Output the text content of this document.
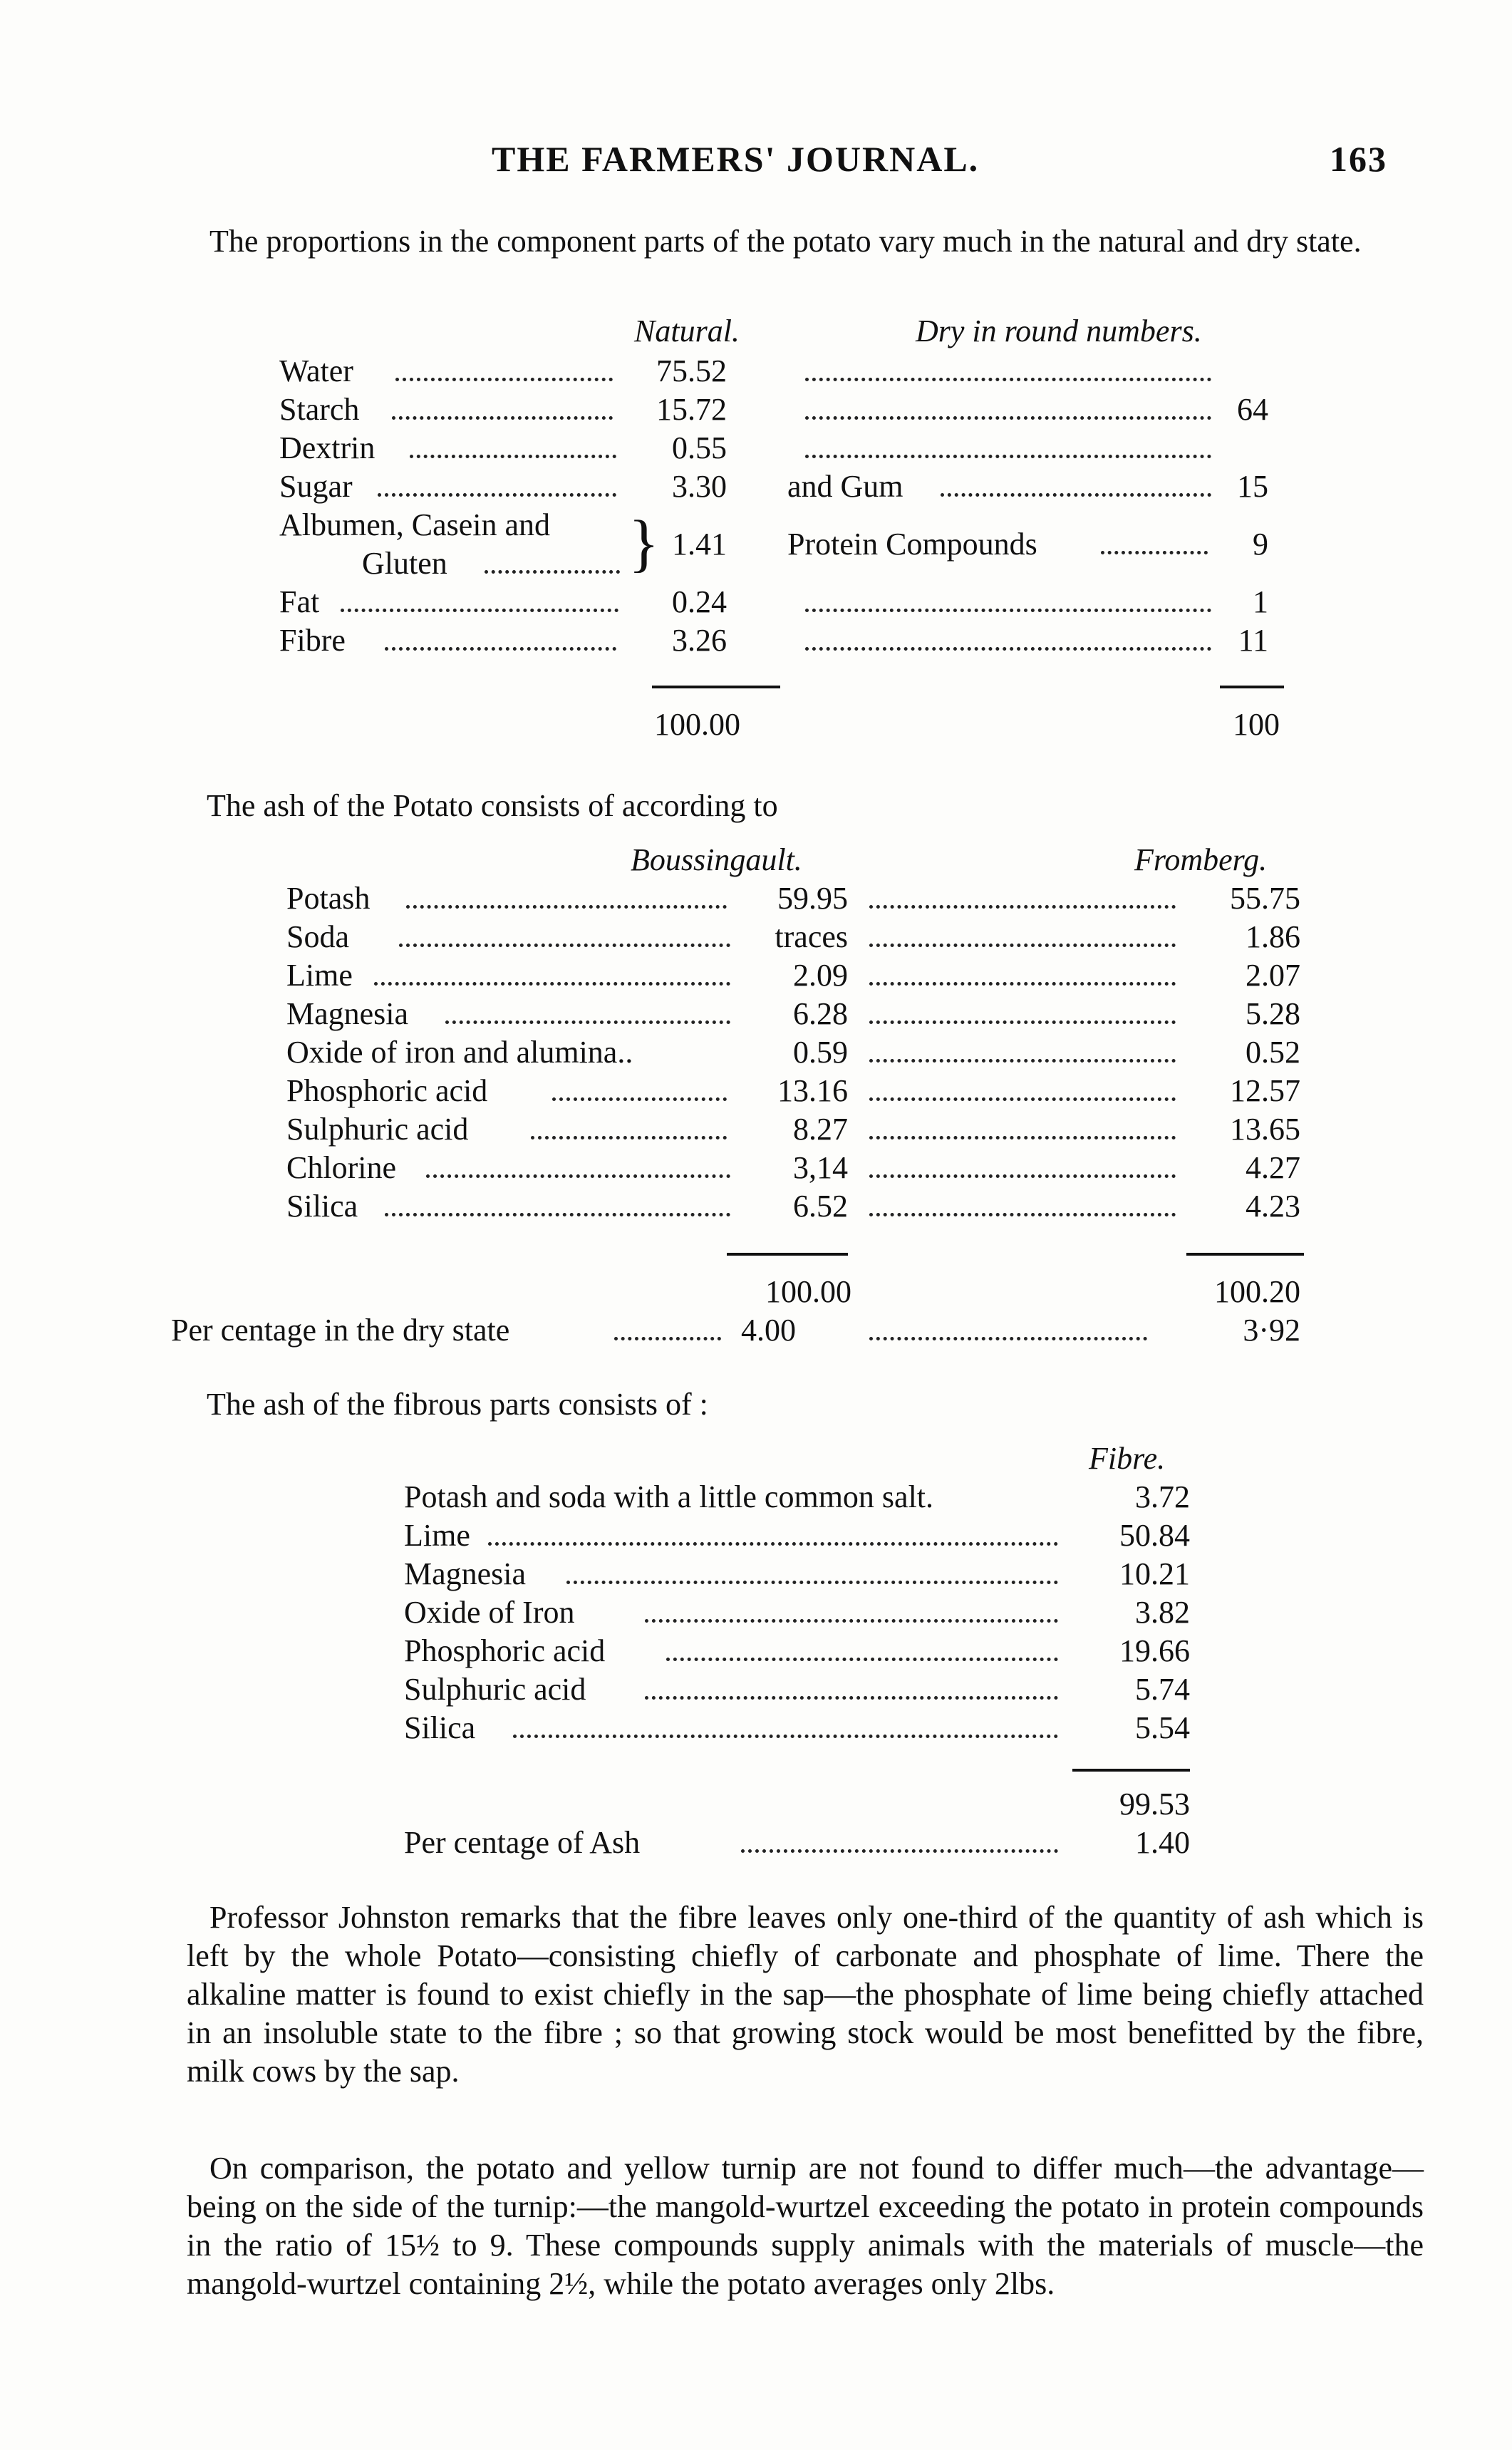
THE FARMERS' JOURNAL.	163

The proportions in the component parts of the potato vary much in the natural and dry state.

Natural.	Dry in round numbers.
Water	75.52
Starch	15.72	64
Dextrin	0.55
Sugar	3.30 and Gum	15
Albumen, Casein and
Gluten	} 1.41 Protein Compounds	9
Fat	0.24	1
Fibre	3.26	11
100.00	100
The ash of the Potato consists of according to
Boussingault.	Fromberg.
Potash	59.95	55.75
Soda	traces	1.86
Lime	2.09	2.07
Magnesia	6.28	5.28
Oxide of iron and alumina..	0.59	0.52
Phosphoric acid	13.16	12.57
Sulphuric acid	8.27	13.65
Chlorine	3,14	4.27
Silica	6.52	4.23
100.00	100.20
Per centage in the dry state	4.00	3·92
The ash of the fibrous parts consists of :
Fibre.
Potash and soda with a little common salt.	3.72
Lime	50.84
Magnesia	10.21
Oxide of Iron	3.82
Phosphoric acid	19.66
Sulphuric acid	5.74
Silica	5.54
99.53
Per centage of Ash	1.40

Professor Johnston remarks that the fibre leaves only one-third of the quantity of ash which is left by the whole Potato—consisting chiefly of carbonate and phosphate of lime. There the alkaline matter is found to exist chiefly in the sap—the phosphate of lime being chiefly attached in an insoluble state to the fibre ; so that growing stock would be most benefitted by the fibre, milk cows by the sap.

On comparison, the potato and yellow turnip are not found to differ much—the advantage—being on the side of the turnip:—the mangold-wurtzel exceeding the potato in protein compounds in the ratio of 15½ to 9. These compounds supply animals with the materials of muscle—the mangold-wurtzel containing 2½, while the potato averages only 2lbs.
